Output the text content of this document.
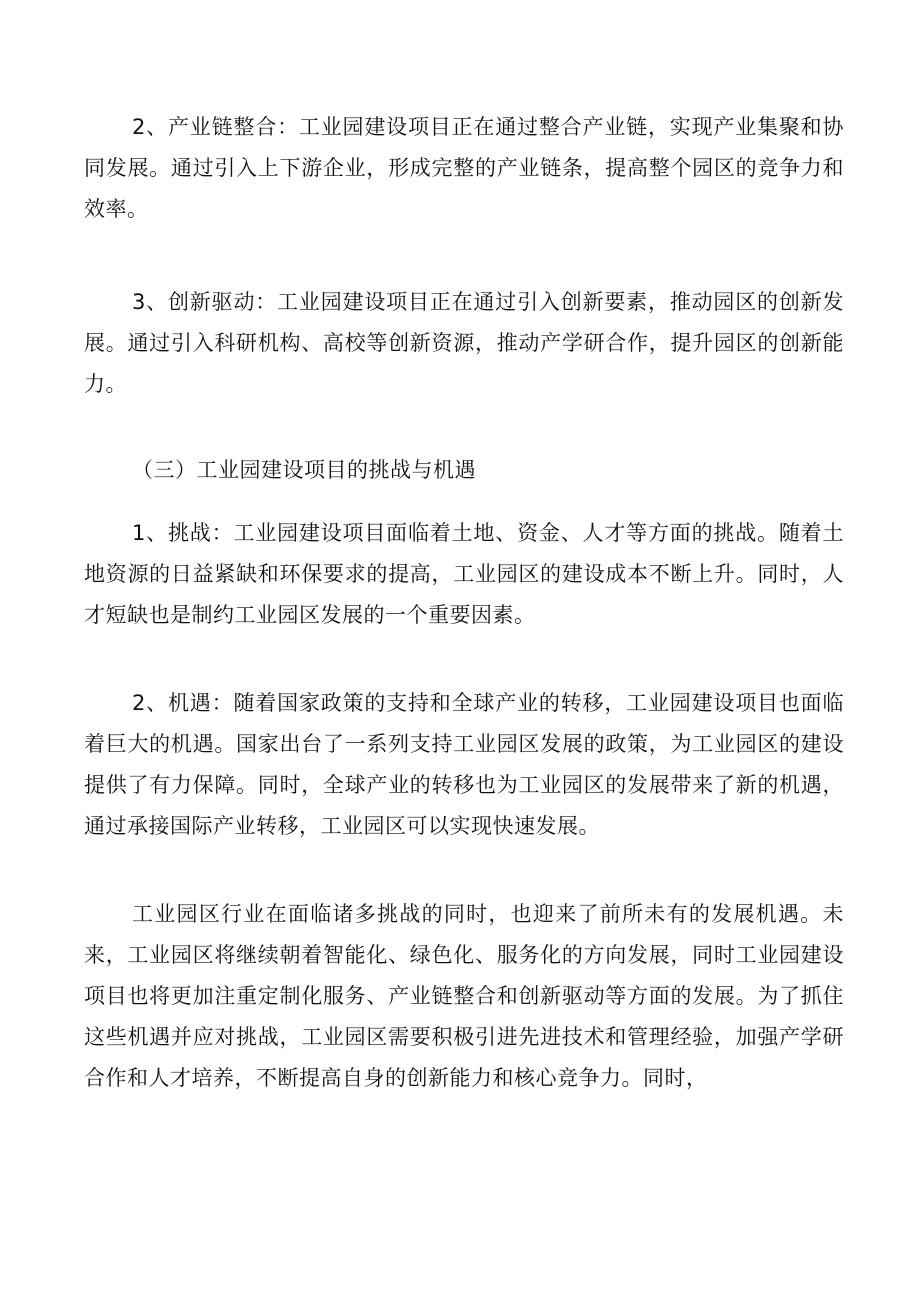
2、产业链整合：工业园建设项目正在通过整合产业链，实现产业集聚和协同发展。通过引入上下游企业，形成完整的产业链条，提高整个园区的竞争力和效率。

3、创新驱动：工业园建设项目正在通过引入创新要素，推动园区的创新发展。通过引入科研机构、高校等创新资源，推动产学研合作，提升园区的创新能力。

（三）工业园建设项目的挑战与机遇

1、挑战：工业园建设项目面临着土地、资金、人才等方面的挑战。随着土地资源的日益紧缺和环保要求的提高，工业园区的建设成本不断上升。同时，人才短缺也是制约工业园区发展的一个重要因素。

2、机遇：随着国家政策的支持和全球产业的转移，工业园建设项目也面临着巨大的机遇。国家出台了一系列支持工业园区发展的政策，为工业园区的建设提供了有力保障。同时，全球产业的转移也为工业园区的发展带来了新的机遇，通过承接国际产业转移，工业园区可以实现快速发展。

工业园区行业在面临诸多挑战的同时，也迎来了前所未有的发展机遇。未来，工业园区将继续朝着智能化、绿色化、服务化的方向发展，同时工业园建设项目也将更加注重定制化服务、产业链整合和创新驱动等方面的发展。为了抓住这些机遇并应对挑战，工业园区需要积极引进先进技术和管理经验，加强产学研合作和人才培养，不断提高自身的创新能力和核心竞争力。同时，
